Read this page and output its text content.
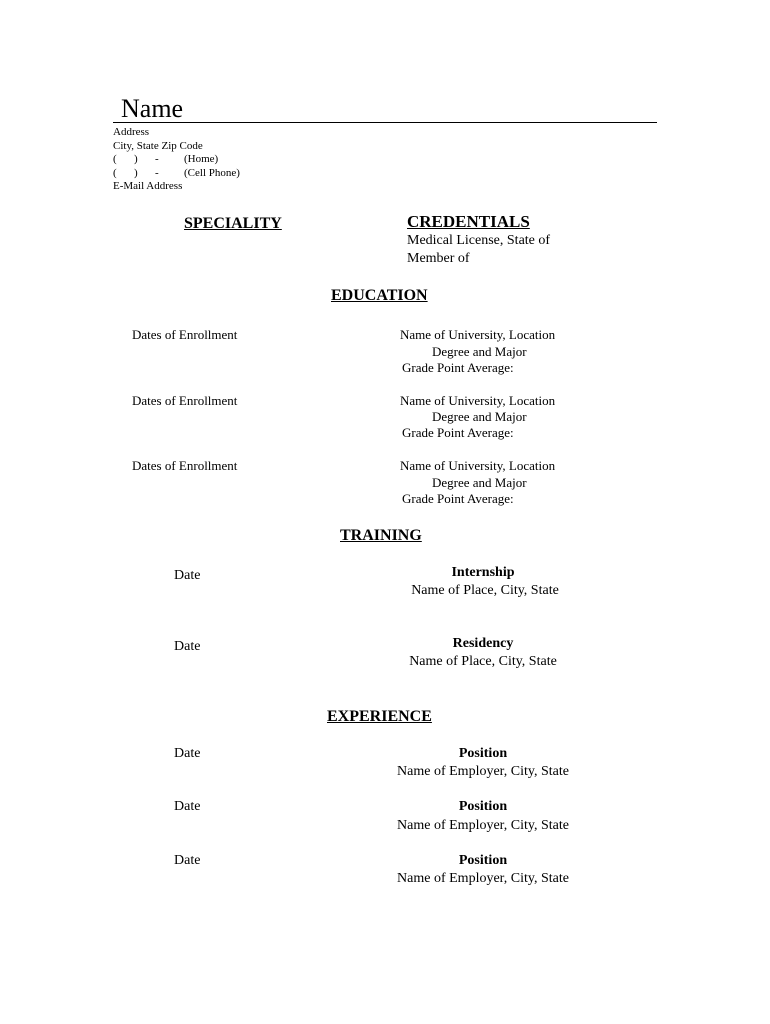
Name
Address
City, State Zip Code
( ) - (Home)
( ) - (Cell Phone)
E-Mail Address
SPECIALITY	CREDENTIALS
Medical License, State of
Member of
EDUCATION
Dates of Enrollment	Name of University, Location
Degree and Major
Grade Point Average:
Dates of Enrollment	Name of University, Location
Degree and Major
Grade Point Average:
Dates of Enrollment	Name of University, Location
Degree and Major
Grade Point Average:
TRAINING
Date	Internship
Name of Place, City, State
Date	Residency
Name of Place, City, State
EXPERIENCE
Date	Position
Name of Employer, City, State
Date	Position
Name of Employer, City, State
Date	Position
Name of Employer, City, State
